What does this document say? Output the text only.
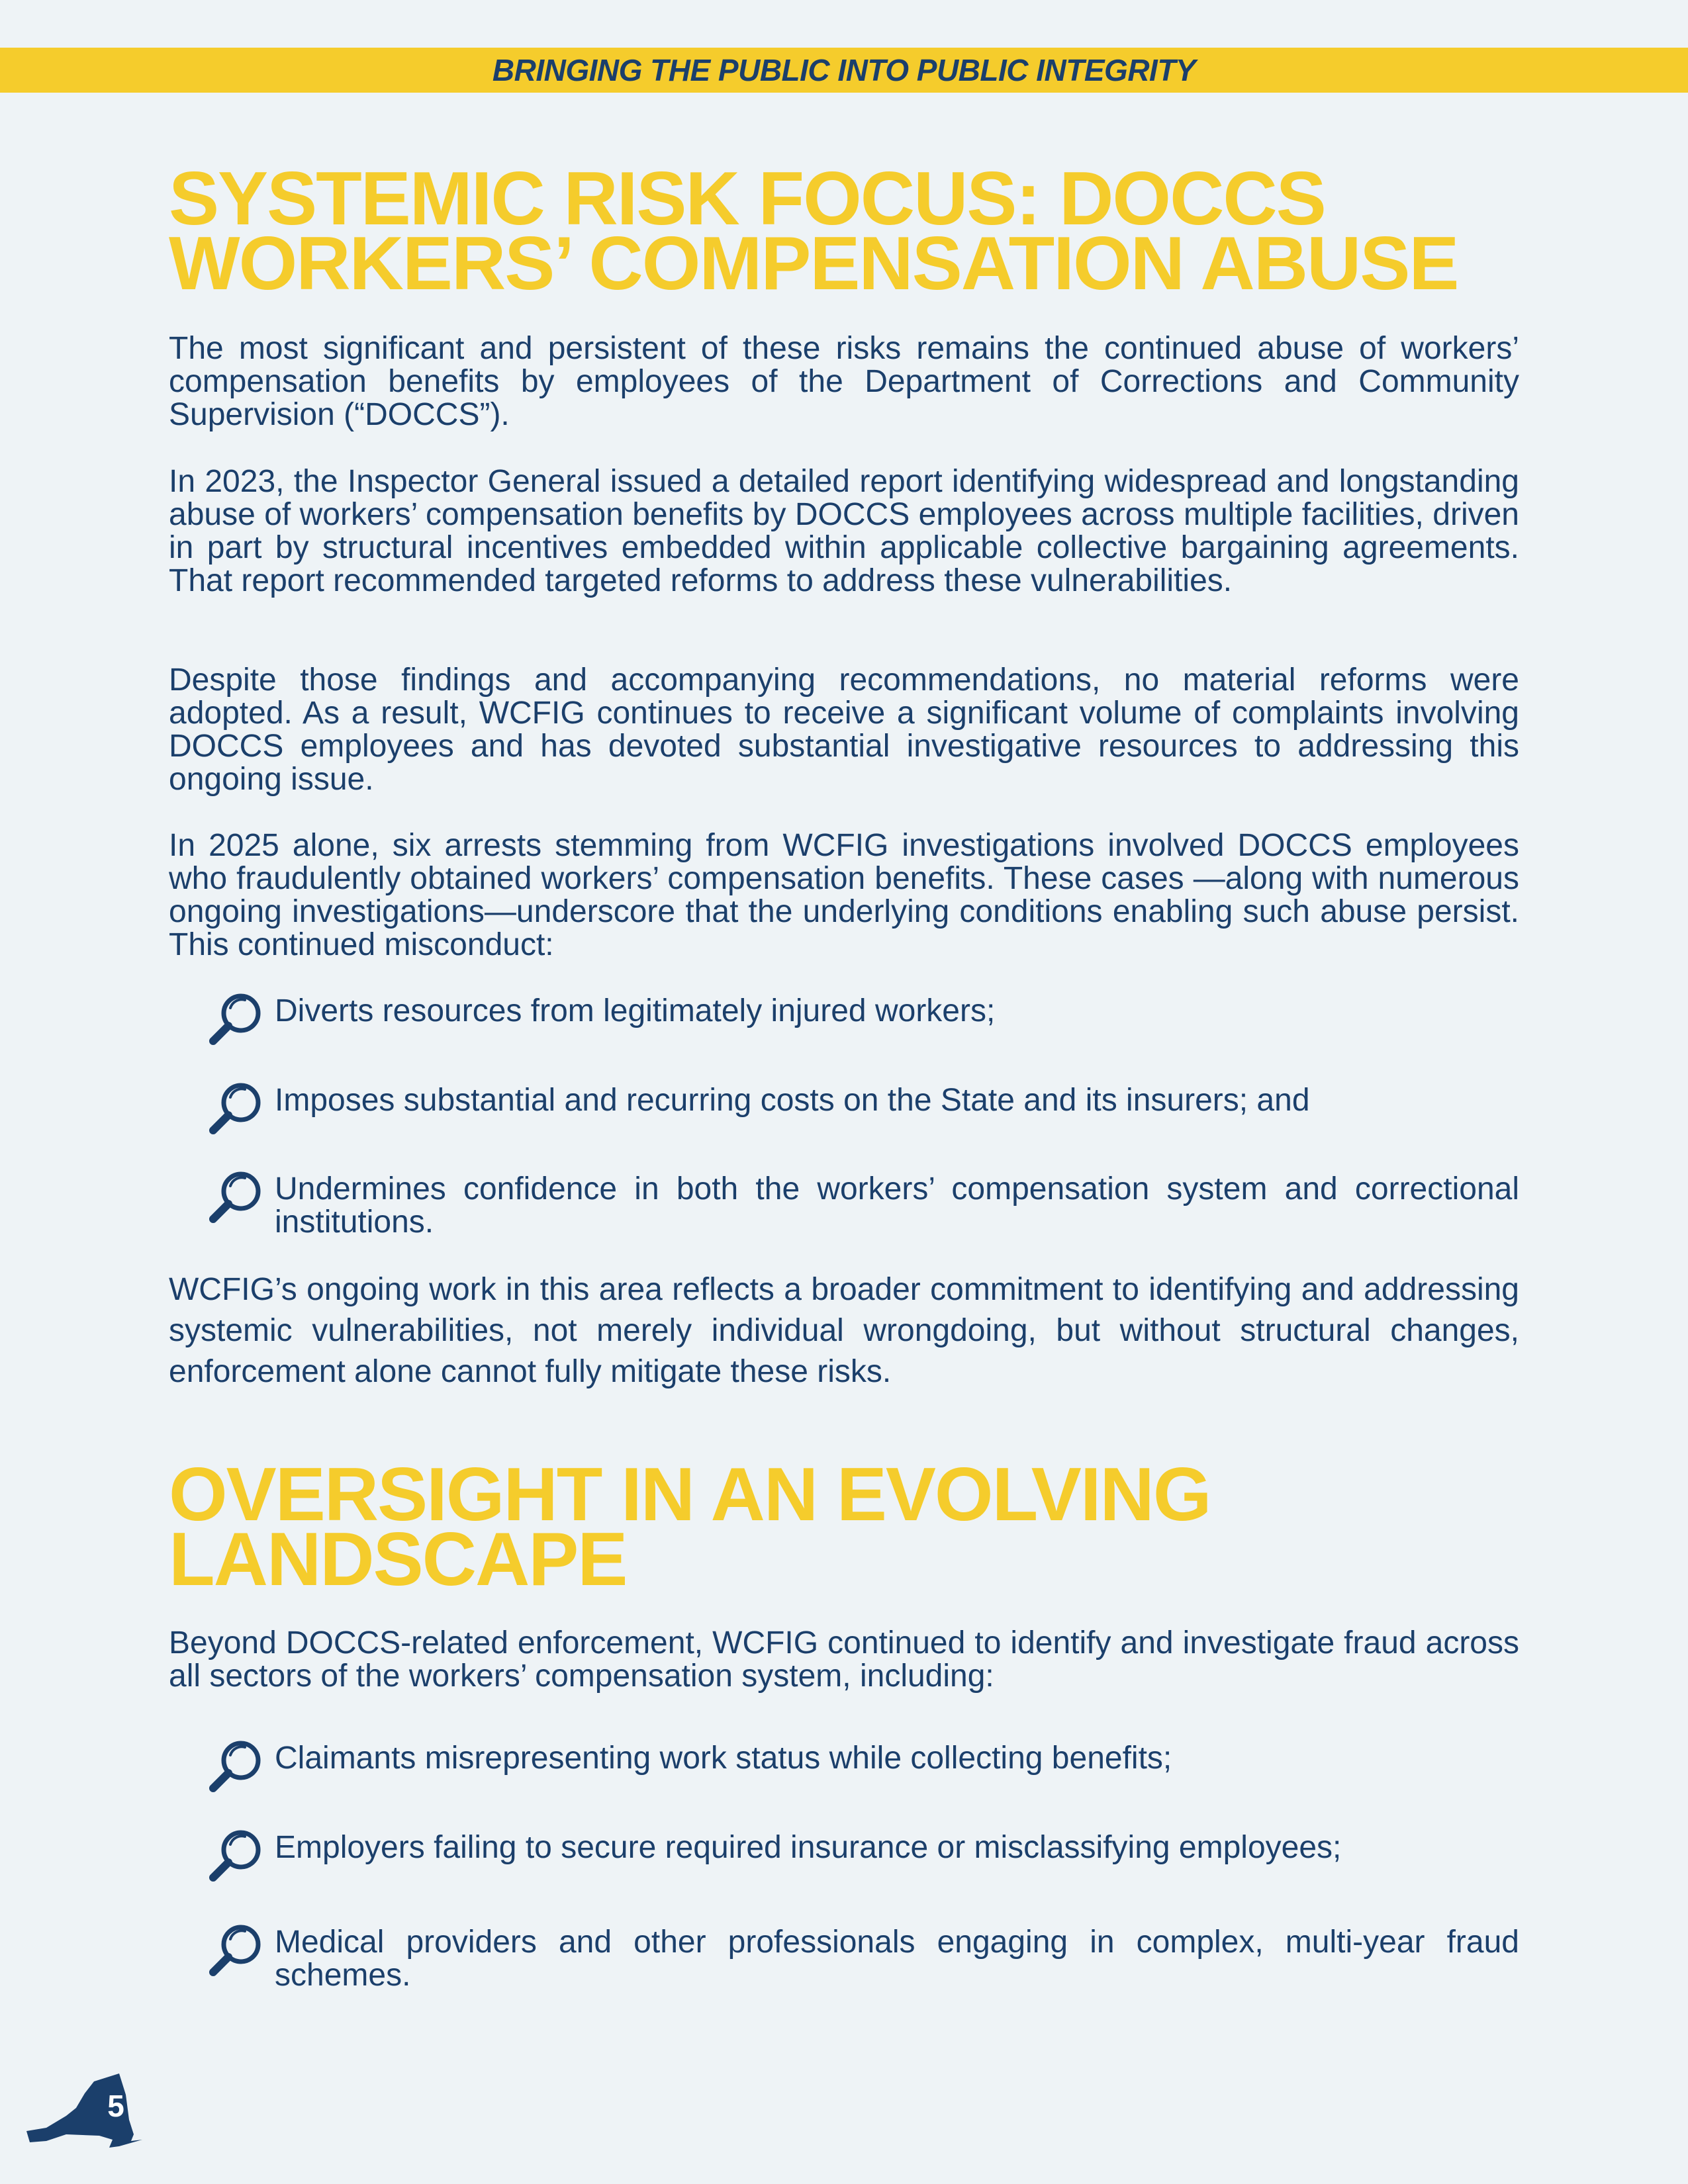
BRINGING THE PUBLIC INTO PUBLIC INTEGRITY
SYSTEMIC RISK FOCUS: DOCCS WORKERS’ COMPENSATION ABUSE

The most significant and persistent of these risks remains the continued abuse of workers’ compensation benefits by employees of the Department of Corrections and Community Supervision (“DOCCS”).

In 2023, the Inspector General issued a detailed report identifying widespread and longstanding abuse of workers’ compensation benefits by DOCCS employees across multiple facilities, driven in part by structural incentives embedded within applicable collective bargaining agreements. That report recommended targeted reforms to address these vulnerabilities.

Despite those findings and accompanying recommendations, no material reforms were adopted. As a result, WCFIG continues to receive a significant volume of complaints involving DOCCS employees and has devoted substantial investigative resources to addressing this ongoing issue.

In 2025 alone, six arrests stemming from WCFIG investigations involved DOCCS employees who fraudulently obtained workers’ compensation benefits. These cases —along with numerous ongoing investigations—underscore that the underlying conditions enabling such abuse persist. This continued misconduct:

Diverts resources from legitimately injured workers;
Imposes substantial and recurring costs on the State and its insurers; and
Undermines confidence in both the workers’ compensation system and correctional institutions.

WCFIG’s ongoing work in this area reflects a broader commitment to identifying and addressing systemic vulnerabilities, not merely individual wrongdoing, but without structural changes, enforcement alone cannot fully mitigate these risks.

OVERSIGHT IN AN EVOLVING LANDSCAPE

Beyond DOCCS-related enforcement, WCFIG continued to identify and investigate fraud across all sectors of the workers’ compensation system, including:

Claimants misrepresenting work status while collecting benefits;
Employers failing to secure required insurance or misclassifying employees;
Medical providers and other professionals engaging in complex, multi-year fraud schemes.
5
